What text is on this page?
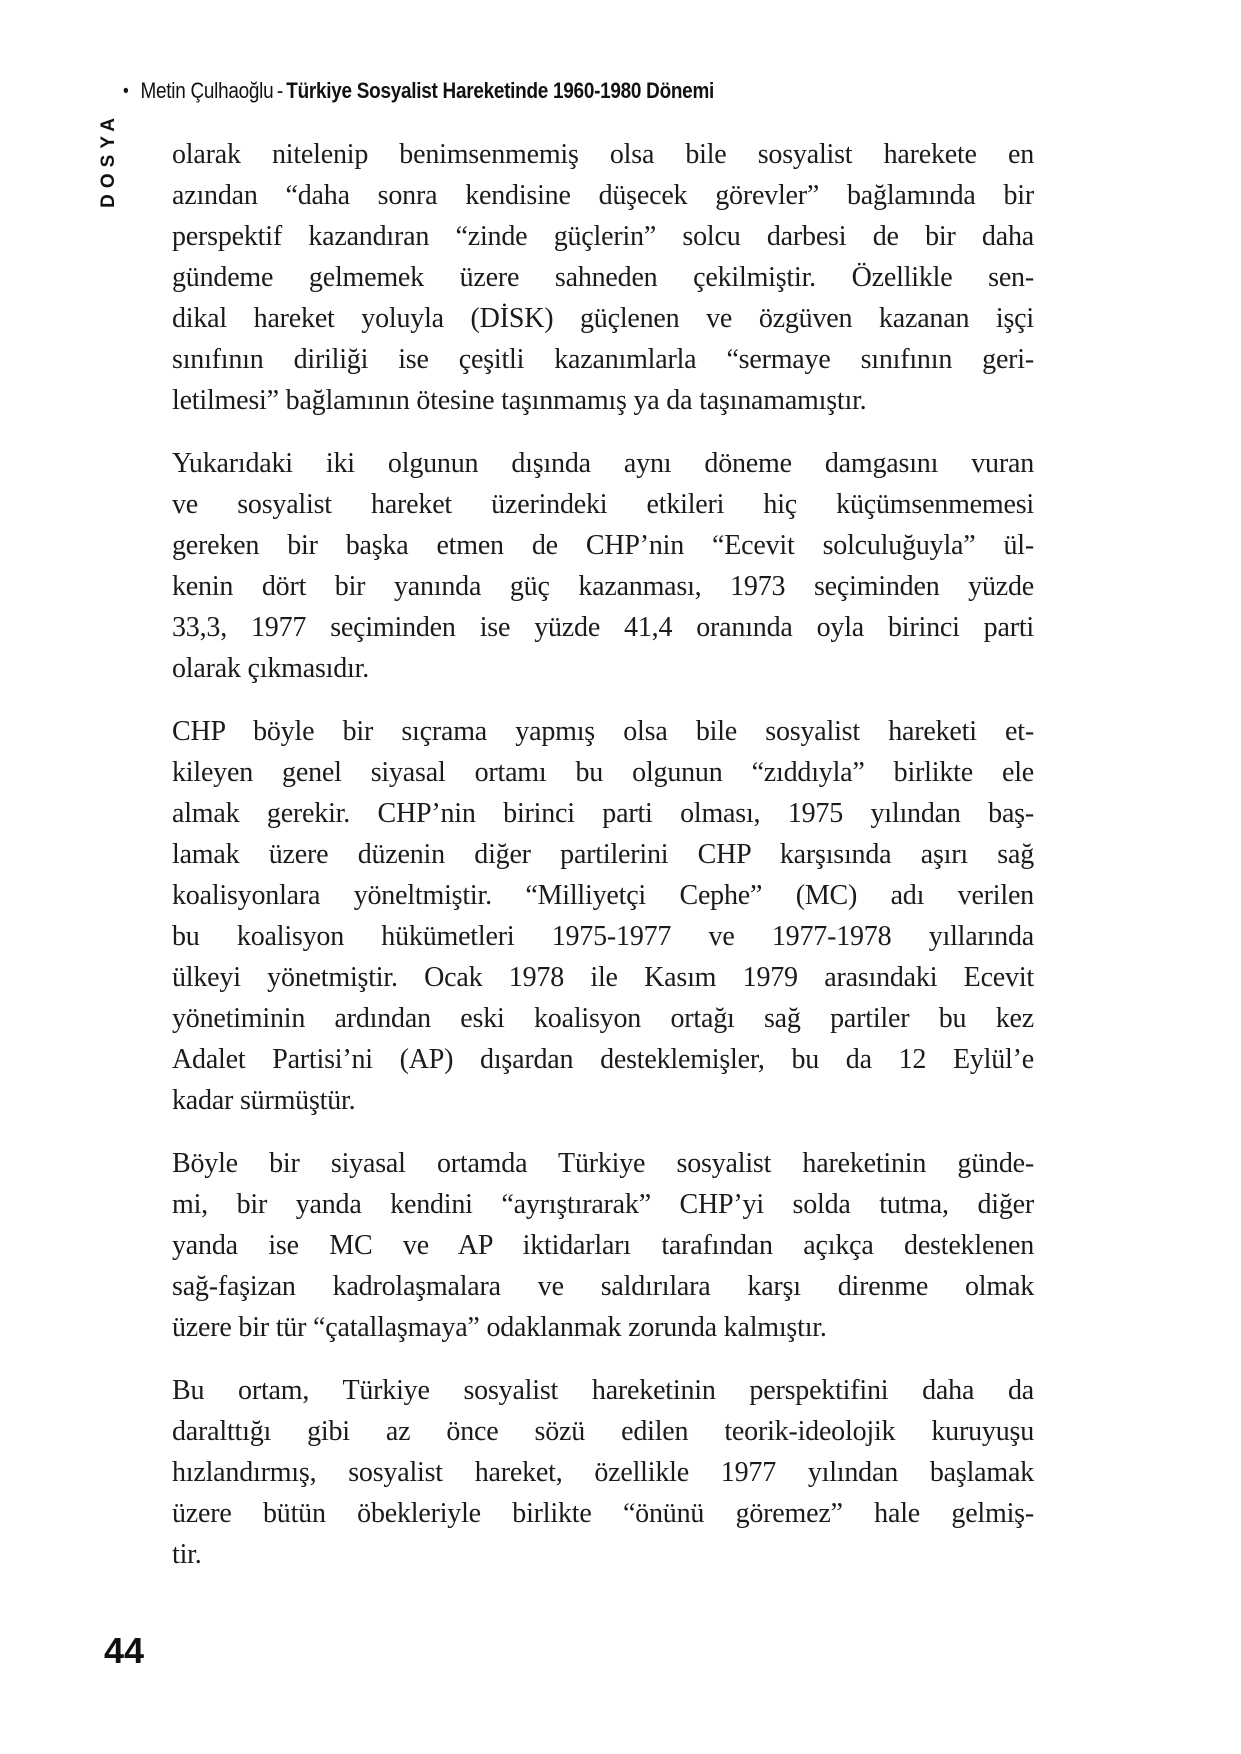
• Metin Çulhaoğlu - Türkiye Sosyalist Hareketinde 1960-1980 Dönemi
DOSYA olarak nitelenip benimsenmemiş olsa bile sosyalist harekete en
azından “daha sonra kendisine düşecek görevler” bağlamında bir
perspektif kazandıran “zinde güçlerin” solcu darbesi de bir daha
gündeme gelmemek üzere sahneden çekilmiştir. Özellikle sen-
dikal hareket yoluyla (DİSK) güçlenen ve özgüven kazanan işçi
sınıfının diriliği ise çeşitli kazanımlarla “sermaye sınıfının geri-
letilmesi” bağlamının ötesine taşınmamış ya da taşınamamıştır.
Yukarıdaki iki olgunun dışında aynı döneme damgasını vuran
ve sosyalist hareket üzerindeki etkileri hiç küçümsenmemesi
gereken bir başka etmen de CHP’nin “Ecevit solculuğuyla” ül-
kenin dört bir yanında güç kazanması, 1973 seçiminden yüzde
33,3, 1977 seçiminden ise yüzde 41,4 oranında oyla birinci parti
olarak çıkmasıdır.
CHP böyle bir sıçrama yapmış olsa bile sosyalist hareketi et-
kileyen genel siyasal ortamı bu olgunun “zıddıyla” birlikte ele
almak gerekir. CHP’nin birinci parti olması, 1975 yılından baş-
lamak üzere düzenin diğer partilerini CHP karşısında aşırı sağ
koalisyonlara yöneltmiştir. “Milliyetçi Cephe” (MC) adı verilen
bu koalisyon hükümetleri 1975-1977 ve 1977-1978 yıllarında
ülkeyi yönetmiştir. Ocak 1978 ile Kasım 1979 arasındaki Ecevit
yönetiminin ardından eski koalisyon ortağı sağ partiler bu kez
Adalet Partisi’ni (AP) dışardan desteklemişler, bu da 12 Eylül’e
kadar sürmüştür.
Böyle bir siyasal ortamda Türkiye sosyalist hareketinin günde-
mi, bir yanda kendini “ayrıştırarak” CHP’yi solda tutma, diğer
yanda ise MC ve AP iktidarları tarafından açıkça desteklenen
sağ-faşizan kadrolaşmalara ve saldırılara karşı direnme olmak
üzere bir tür “çatallaşmaya” odaklanmak zorunda kalmıştır.
Bu ortam, Türkiye sosyalist hareketinin perspektifini daha da
daralttığı gibi az önce sözü edilen teorik-ideolojik kuruyuşu
hızlandırmış, sosyalist hareket, özellikle 1977 yılından başlamak
üzere bütün öbekleriyle birlikte “önünü göremez” hale gelmiş-
tir.
44
